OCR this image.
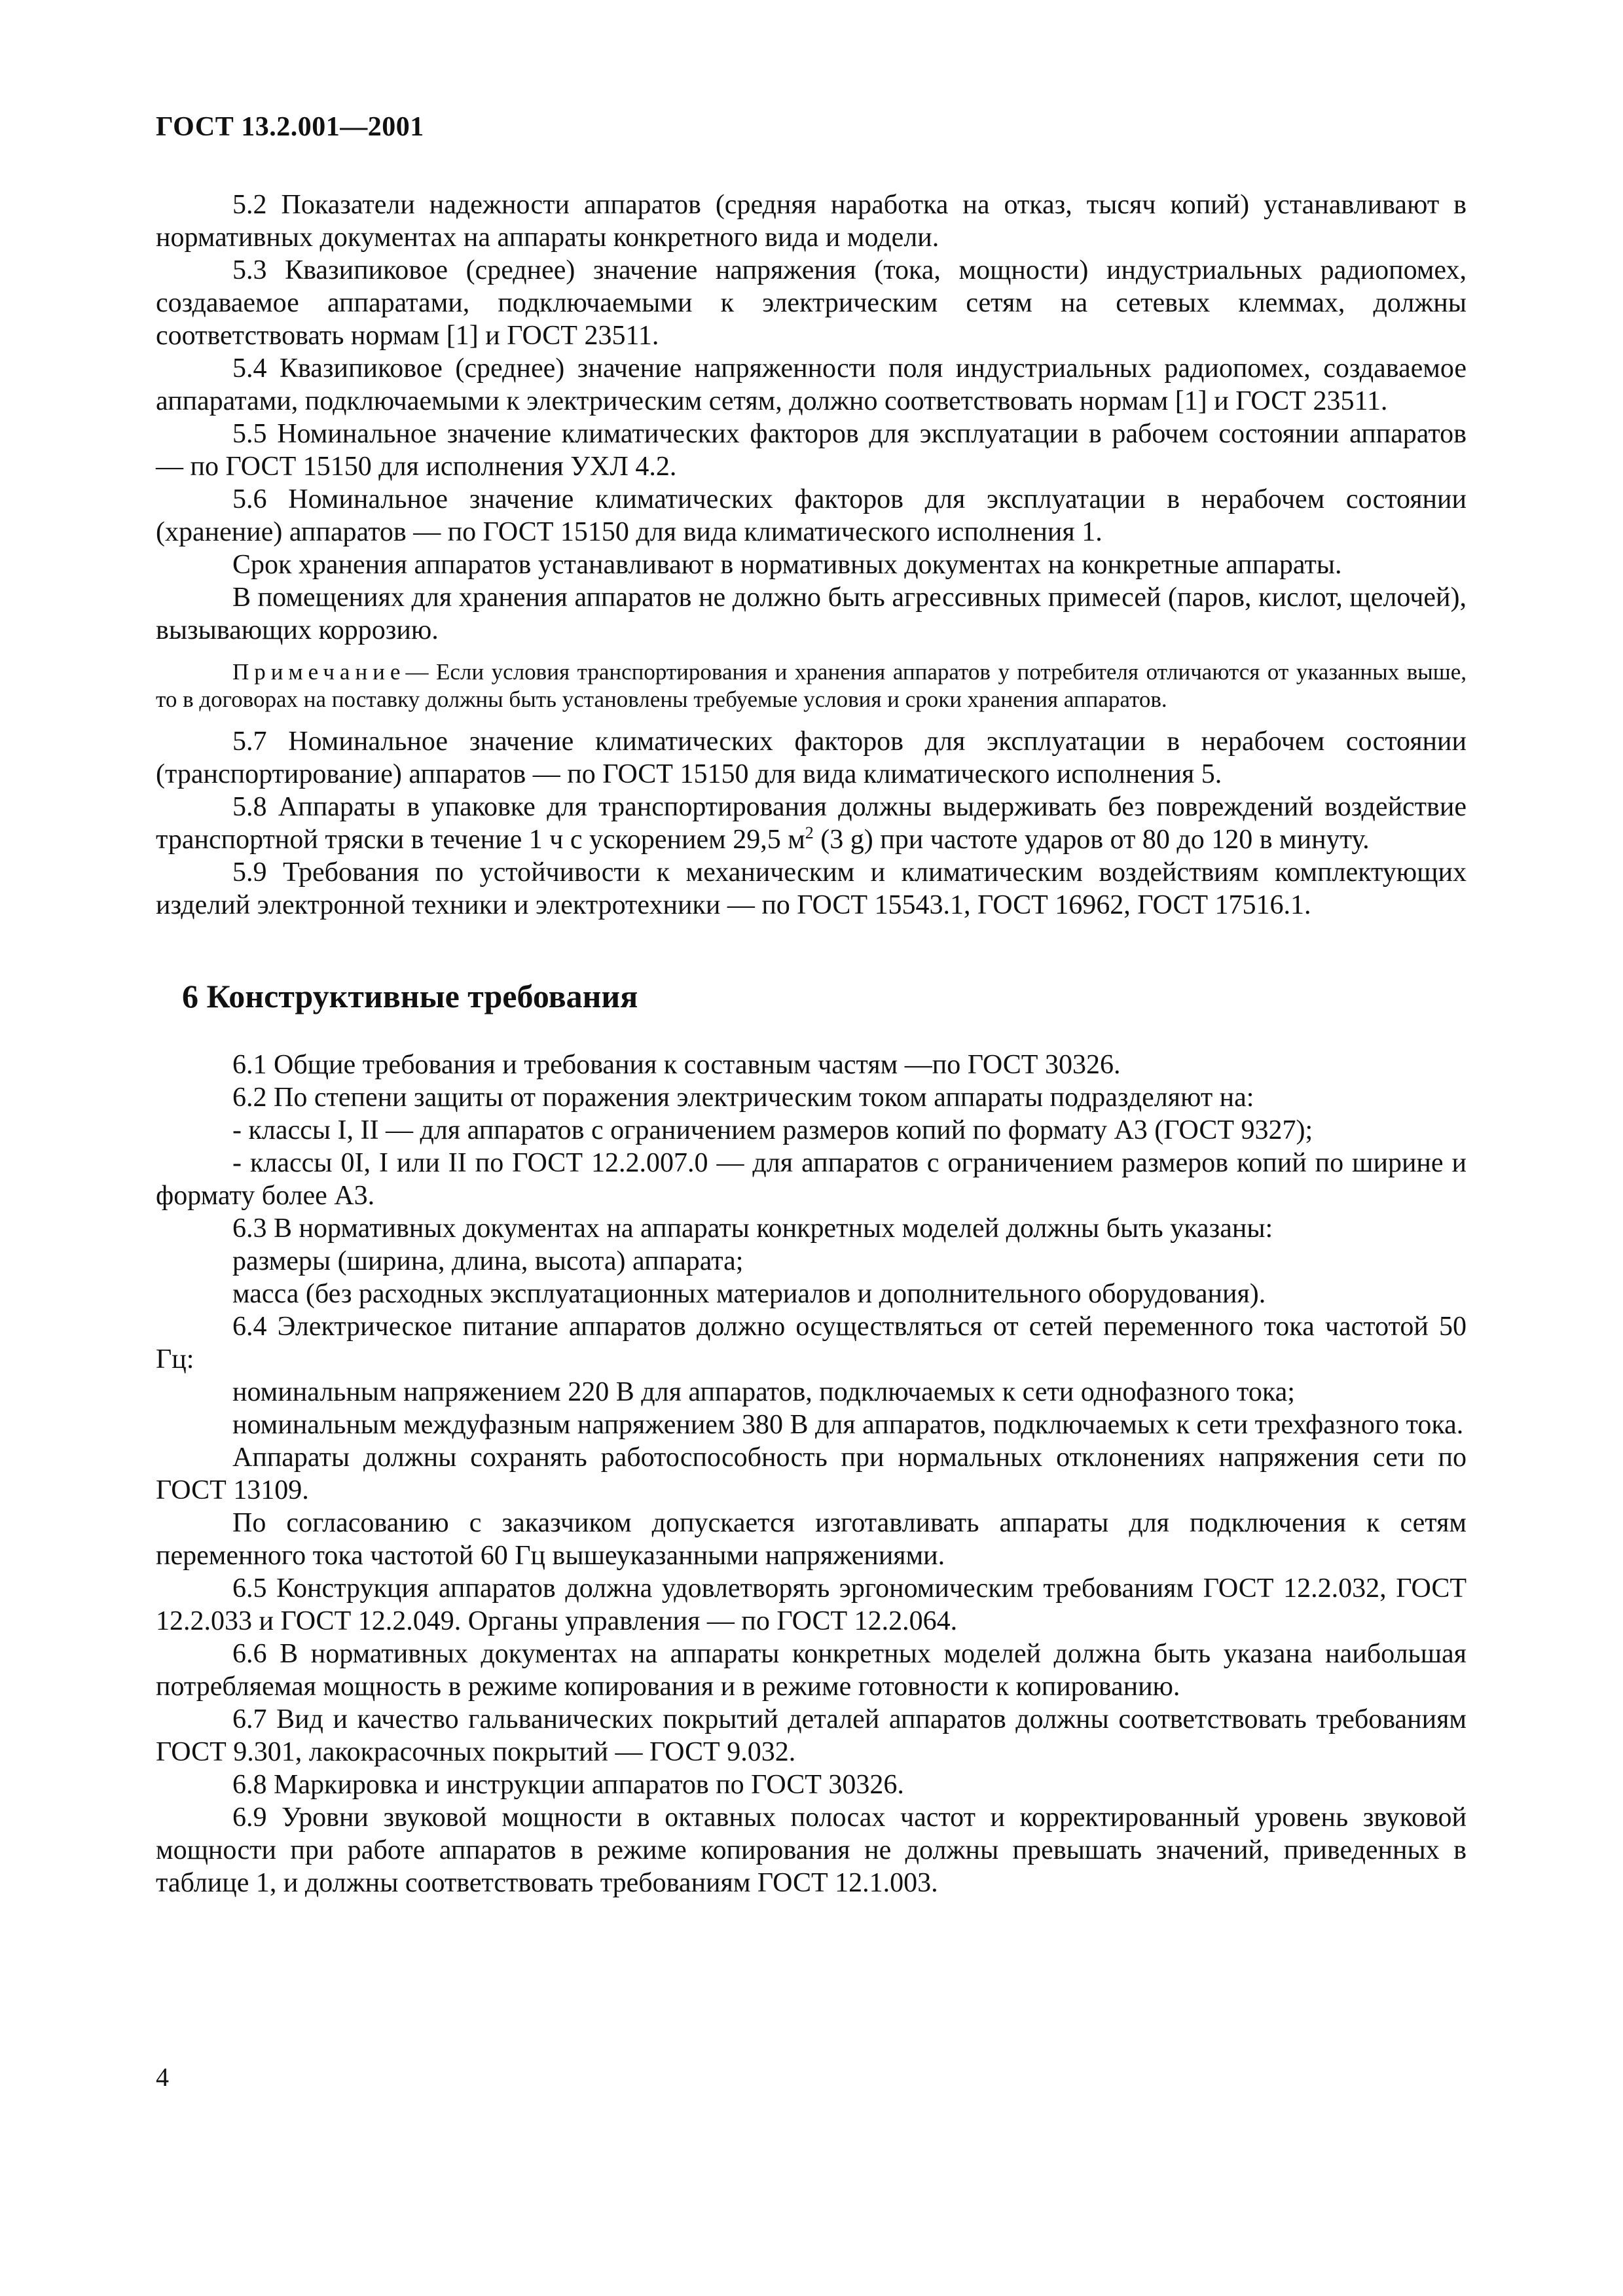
ГОСТ 13.2.001—2001

5.2 Показатели надежности аппаратов (средняя наработка на отказ, тысяч копий) устанавливают в нормативных документах на аппараты конкретного вида и модели.

5.3 Квазипиковое (среднее) значение напряжения (тока, мощности) индустриальных радиопомех, создаваемое аппаратами, подключаемыми к электрическим сетям на сетевых клеммах, должны соответствовать нормам [1] и ГОСТ 23511.

5.4 Квазипиковое (среднее) значение напряженности поля индустриальных радиопомех, создаваемое аппаратами, подключаемыми к электрическим сетям, должно соответствовать нормам [1] и ГОСТ 23511.

5.5 Номинальное значение климатических факторов для эксплуатации в рабочем состоянии аппаратов — по ГОСТ 15150 для исполнения УХЛ 4.2.

5.6 Номинальное значение климатических факторов для эксплуатации в нерабочем состоянии (хранение) аппаратов — по ГОСТ 15150 для вида климатического исполнения 1.

Срок хранения аппаратов устанавливают в нормативных документах на конкретные аппараты.

В помещениях для хранения аппаратов не должно быть агрессивных примесей (паров, кислот, щелочей), вызывающих коррозию.

Примечание— Если условия транспортирования и хранения аппаратов у потребителя отличаются от указанных выше, то в договорах на поставку должны быть установлены требуемые условия и сроки хранения аппаратов.

5.7 Номинальное значение климатических факторов для эксплуатации в нерабочем состоянии (транспортирование) аппаратов — по ГОСТ 15150 для вида климатического исполнения 5.

5.8 Аппараты в упаковке для транспортирования должны выдерживать без повреждений воздействие транспортной тряски в течение 1 ч с ускорением 29,5 $м^2$ (3 g) при частоте ударов от 80 до 120 в минуту.

5.9 Требования по устойчивости к механическим и климатическим воздействиям комплектующих изделий электронной техники и электротехники — по ГОСТ 15543.1, ГОСТ 16962, ГОСТ 17516.1.

6 Конструктивные требования

6.1 Общие требования и требования к составным частям —по ГОСТ 30326.

6.2 По степени защиты от поражения электрическим током аппараты подразделяют на:

- классы I, II — для аппаратов с ограничением размеров копий по формату А3 (ГОСТ 9327);

- классы 0I, I или II по ГОСТ 12.2.007.0 — для аппаратов с ограничением размеров копий по ширине и формату более А3.

6.3 В нормативных документах на аппараты конкретных моделей должны быть указаны:

размеры (ширина, длина, высота) аппарата;

масса (без расходных эксплуатационных материалов и дополнительного оборудования).

6.4 Электрическое питание аппаратов должно осуществляться от сетей переменного тока частотой 50 Гц:

номинальным напряжением 220 В для аппаратов, подключаемых к сети однофазного тока;

номинальным междуфазным напряжением 380 В для аппаратов, подключаемых к сети трехфазного тока.

Аппараты должны сохранять работоспособность при нормальных отклонениях напряжения сети по ГОСТ 13109.

По согласованию с заказчиком допускается изготавливать аппараты для подключения к сетям переменного тока частотой 60 Гц вышеуказанными напряжениями.

6.5 Конструкция аппаратов должна удовлетворять эргономическим требованиям ГОСТ 12.2.032, ГОСТ 12.2.033 и ГОСТ 12.2.049. Органы управления — по ГОСТ 12.2.064.

6.6 В нормативных документах на аппараты конкретных моделей должна быть указана наибольшая потребляемая мощность в режиме копирования и в режиме готовности к копированию.

6.7 Вид и качество гальванических покрытий деталей аппаратов должны соответствовать требованиям ГОСТ 9.301, лакокрасочных покрытий — ГОСТ 9.032.

6.8 Маркировка и инструкции аппаратов по ГОСТ 30326.

6.9 Уровни звуковой мощности в октавных полосах частот и корректированный уровень звуковой мощности при работе аппаратов в режиме копирования не должны превышать значений, приведенных в таблице 1, и должны соответствовать требованиям ГОСТ 12.1.003.

4
